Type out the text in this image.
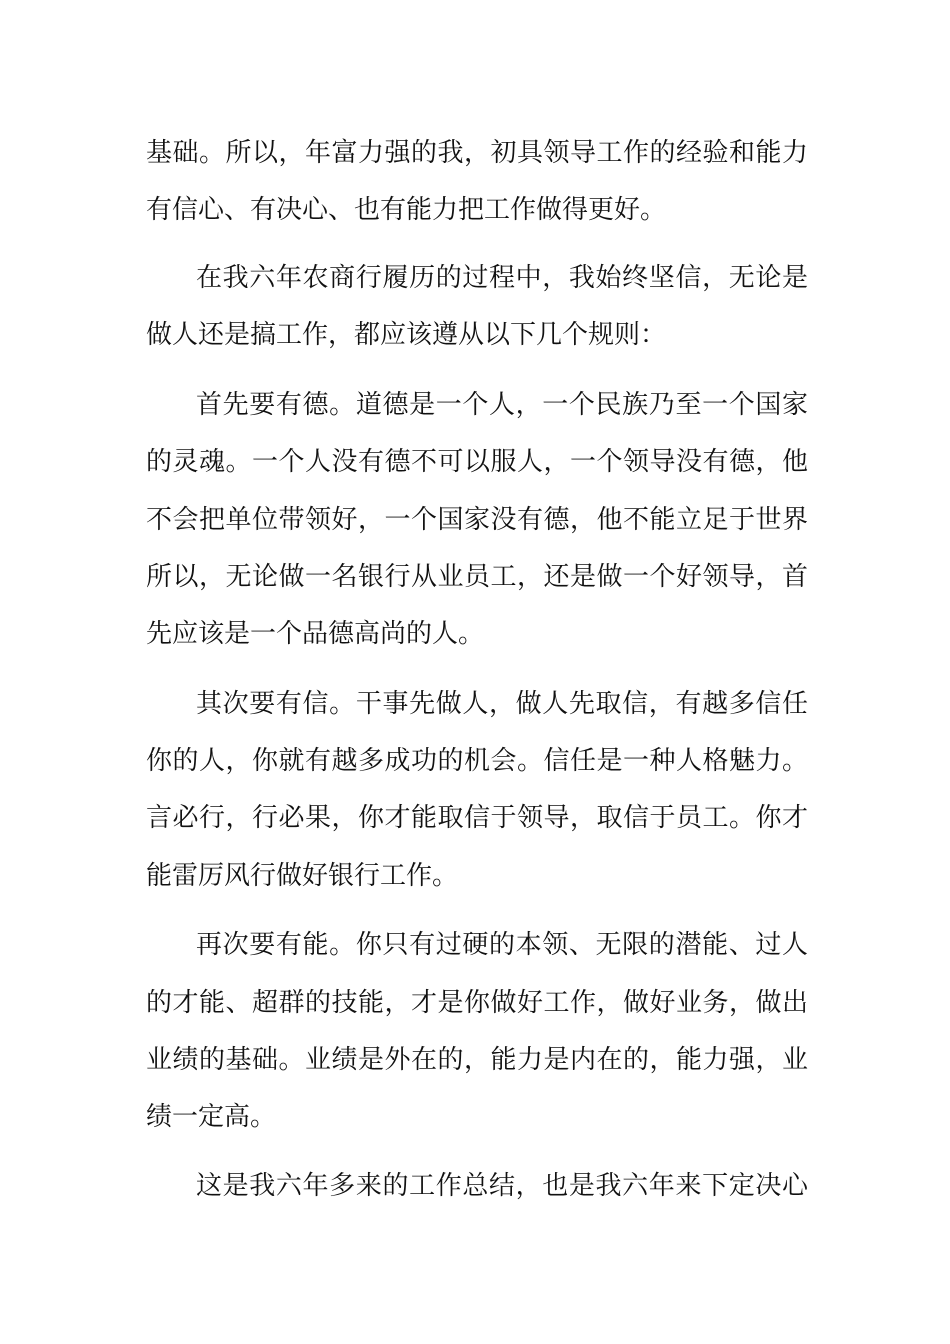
基础。所以，年富力强的我，初具领导工作的经验和能力
有信心、有决心、也有能力把工作做得更好。
在我六年农商行履历的过程中，我始终坚信，无论是
做人还是搞工作，都应该遵从以下几个规则：
首先要有德。道德是一个人，一个民族乃至一个国家
的灵魂。一个人没有德不可以服人，一个领导没有德，他
不会把单位带领好，一个国家没有德，他不能立足于世界
所以，无论做一名银行从业员工，还是做一个好领导，首
先应该是一个品德高尚的人。
其次要有信。干事先做人，做人先取信，有越多信任
你的人，你就有越多成功的机会。信任是一种人格魅力。
言必行，行必果，你才能取信于领导，取信于员工。你才
能雷厉风行做好银行工作。
再次要有能。你只有过硬的本领、无限的潜能、过人
的才能、超群的技能，才是你做好工作，做好业务，做出
业绩的基础。业绩是外在的，能力是内在的，能力强，业
绩一定高。
这是我六年多来的工作总结，也是我六年来下定决心
